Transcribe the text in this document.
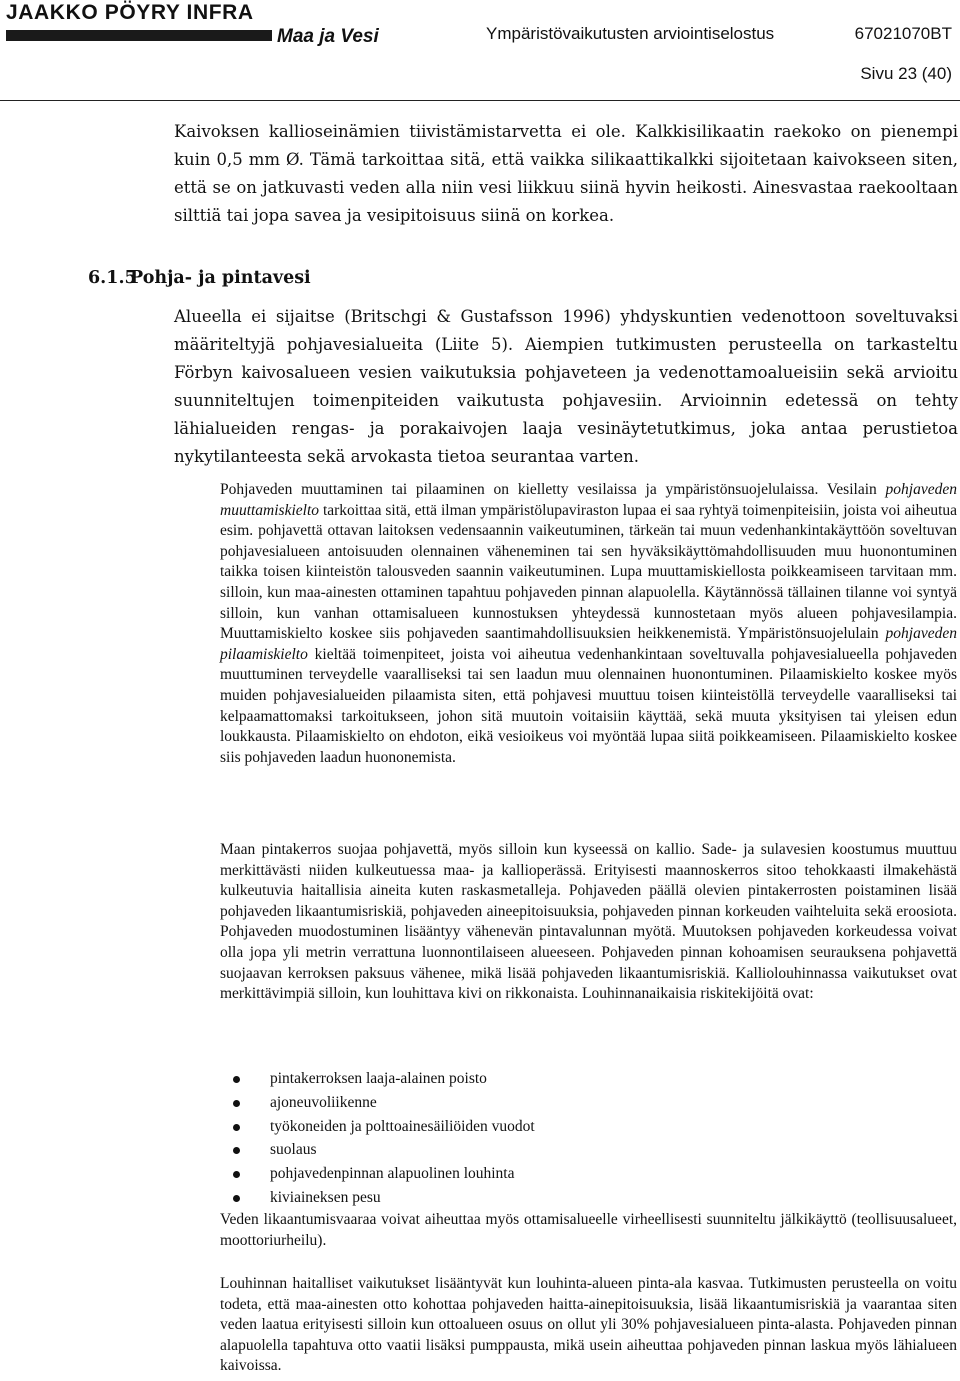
JAAKKO PÖYRY INFRA
Maa ja Vesi	Ympäristövaikutusten arviointiselostus	67021070BT
Sivu 23 (40)

Kaivoksen kallioseinämien tiivistämistarvetta ei ole. Kalkkisilikaatin raekoko on pienempi kuin 0,5 mm Ø. Tämä tarkoittaa sitä, että vaikka silikaattikalkki sijoitetaan kaivokseen siten, että se on jatkuvasti veden alla niin vesi liikkuu siinä hyvin heikosti. Ainesvastaa raekooltaan silttiä tai jopa savea ja vesipitoisuus siinä on korkea.

6.1.5Pohja- ja pintavesi

Alueella ei sijaitse (Britschgi & Gustafsson 1996) yhdyskuntien vedenottoon soveltuvaksi määriteltyjä pohjavesialueita (Liite 5). Aiempien tutkimusten perusteella on tarkasteltu Förbyn kaivosalueen vesien vaikutuksia pohjaveteen ja vedenottamoalueisiin sekä arvioitu suunniteltujen toimenpiteiden vaikutusta pohjavesiin. Arvioinnin edetessä on tehty lähialueiden rengas- ja porakaivojen laaja vesinäytetutkimus, joka antaa perustietoa nykytilanteesta sekä arvokasta tietoa seurantaa varten.

Pohjaveden muuttaminen tai pilaaminen on kielletty vesilaissa ja ympäristönsuojelulaissa. Vesilain pohjaveden muuttamiskielto tarkoittaa sitä, että ilman ympäristölupaviraston lupaa ei saa ryhtyä toimenpiteisiin, joista voi aiheutua esim. pohjavettä ottavan laitoksen vedensaannin vaikeutuminen, tärkeän tai muun vedenhankintakäyttöön soveltuvan pohjavesialueen antoisuuden olennainen väheneminen tai sen hyväksikäyttömahdollisuuden muu huonontuminen taikka toisen kiinteistön talousveden saannin vaikeutuminen. Lupa muuttamiskiellosta poikkeamiseen tarvitaan mm. silloin, kun maa-ainesten ottaminen tapahtuu pohjaveden pinnan alapuolella. Käytännössä tällainen tilanne voi syntyä silloin, kun vanhan ottamisalueen kunnostuksen yhteydessä kunnostetaan myös alueen pohjavesilampia. Muuttamiskielto koskee siis pohjaveden saantimahdollisuuksien heikkenemistä. Ympäristönsuojelulain pohjaveden pilaamiskielto kieltää toimenpiteet, joista voi aiheutua vedenhankintaan soveltuvalla pohjavesialueella pohjaveden muuttuminen terveydelle vaaralliseksi tai sen laadun muu olennainen huonontuminen. Pilaamiskielto koskee myös muiden pohjavesialueiden pilaamista siten, että pohjavesi muuttuu toisen kiinteistöllä terveydelle vaaralliseksi tai kelpaamattomaksi tarkoitukseen, johon sitä muutoin voitaisiin käyttää, sekä muuta yksityisen tai yleisen edun loukkausta. Pilaamiskielto on ehdoton, eikä vesioikeus voi myöntää lupaa siitä poikkeamiseen. Pilaamiskielto koskee siis pohjaveden laadun huononemista.

Maan pintakerros suojaa pohjavettä, myös silloin kun kyseessä on kallio. Sade- ja sulavesien koostumus muuttuu merkittävästi niiden kulkeutuessa maa- ja kallioperässä. Erityisesti maannoskerros sitoo tehokkaasti ilmakehästä kulkeutuvia haitallisia aineita kuten raskasmetalleja. Pohjaveden päällä olevien pintakerrosten poistaminen lisää pohjaveden likaantumisriskiä, pohjaveden aineepitoisuuksia, pohjaveden pinnan korkeuden vaihteluita sekä eroosiota. Pohjaveden muodostuminen lisääntyy vähenevän pintavalunnan myötä. Muutoksen pohjaveden korkeudessa voivat olla jopa yli metrin verrattuna luonnontilaiseen alueeseen. Pohjaveden pinnan kohoamisen seurauksena pohjavettä suojaavan kerroksen paksuus vähenee, mikä lisää pohjaveden likaantumisriskiä. Kalliolouhinnassa vaikutukset ovat merkittävimpiä silloin, kun louhittava kivi on rikkonaista. Louhinnanaikaisia riskitekijöitä ovat:

pintakerroksen laaja-alainen poisto
ajoneuvoliikenne
työkoneiden ja polttoainesäiliöiden vuodot
suolaus
pohjavedenpinnan alapuolinen louhinta
kiviaineksen pesu

Veden likaantumisvaaraa voivat aiheuttaa myös ottamisalueelle virheellisesti suunniteltu jälkikäyttö (teollisuusalueet, moottoriurheilu).

Louhinnan haitalliset vaikutukset lisääntyvät kun louhinta-alueen pinta-ala kasvaa. Tutkimusten perusteella on voitu todeta, että maa-ainesten otto kohottaa pohjaveden haitta-ainepitoisuuksia, lisää likaantumisriskiä ja vaarantaa siten veden laatua erityisesti silloin kun ottoalueen osuus on ollut yli 30% pohjavesialueen pinta-alasta. Pohjaveden pinnan alapuolella tapahtuva otto vaatii lisäksi pumppausta, mikä usein aiheuttaa pohjaveden pinnan laskua myös lähialueen kaivoissa.
